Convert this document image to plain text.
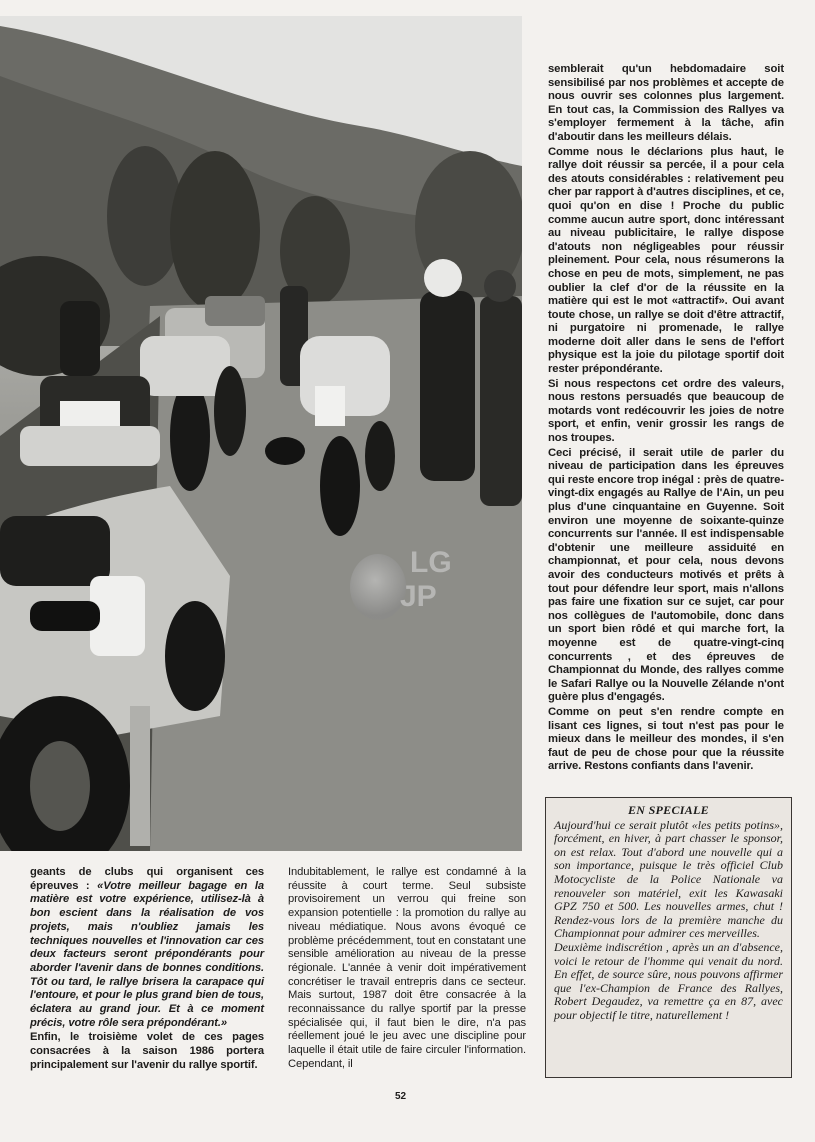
LG
JP

semblerait qu'un hebdomadaire soit sensibilisé par nos problèmes et accepte de nous ouvrir ses colonnes plus largement. En tout cas, la Commission des Rallyes va s'employer fermement à la tâche, afin d'aboutir dans les meilleurs délais.

Comme nous le déclarions plus haut, le rallye doit réussir sa percée, il a pour cela des atouts considérables : relativement peu cher par rapport à d'autres disciplines, et ce, quoi qu'on en dise ! Proche du public comme aucun autre sport, donc intéressant au niveau publicitaire, le rallye dispose d'atouts non négligeables pour réussir pleinement. Pour cela, nous résumerons la chose en peu de mots, simplement, ne pas oublier la clef d'or de la réussite en la matière qui est le mot «attractif». Oui avant toute chose, un rallye se doit d'être attractif, ni purgatoire ni promenade, le rallye moderne doit aller dans le sens de l'effort physique est la joie du pilotage sportif doit rester prépondérante.

Si nous respectons cet ordre des valeurs, nous restons persuadés que beaucoup de motards vont redécouvrir les joies de notre sport, et enfin, venir grossir les rangs de nos troupes.

Ceci précisé, il serait utile de parler du niveau de participation dans les épreuves qui reste encore trop inégal : près de quatre-vingt-dix engagés au Rallye de l'Ain, un peu plus d'une cinquantaine en Guyenne. Soit environ une moyenne de soixante-quinze concurrents sur l'année. Il est indispensable d'obtenir une meilleure assiduité en championnat, et pour cela, nous devons avoir des conducteurs motivés et prêts à tout pour défendre leur sport, mais n'allons pas faire une fixation sur ce sujet, car pour nos collègues de l'automobile, donc dans un sport bien rôdé et qui marche fort, la moyenne est de quatre-vingt-cinq concurrents , et des épreuves de Championnat du Monde, des rallyes comme le Safari Rallye ou la Nouvelle Zélande n'ont guère plus d'engagés.

Comme on peut s'en rendre compte en lisant ces lignes, si tout n'est pas pour le mieux dans le meilleur des mondes, il s'en faut de peu de chose pour que la réussite arrive. Restons confiants dans l'avenir.

EN SPECIALE

Aujourd'hui ce serait plutôt «les petits potins», forcément, en hiver, à part chasser le sponsor, on est relax. Tout d'abord une nouvelle qui a son importance, puisque le très officiel Club Motocycliste de la Police Nationale va renouveler son matériel, exit les Kawasaki GPZ 750 et 500. Les nouvelles armes, chut ! Rendez-vous lors de la première manche du Championnat pour admirer ces merveilles.

Deuxième indiscrétion , après un an d'absence, voici le retour de l'homme qui venait du nord. En effet, de source sûre, nous pouvons affirmer que l'ex-Champion de France des Rallyes, Robert Degaudez, va remettre ça en 87, avec pour objectif le titre, naturellement !

geants de clubs qui organisent ces épreuves : «Votre meilleur bagage en la matière est votre expérience, utilisez-là à bon escient dans la réalisation de vos projets, mais n'oubliez jamais les techniques nouvelles et l'innovation car ces deux facteurs seront prépondérants pour aborder l'avenir dans de bonnes conditions. Tôt ou tard, le rallye brisera la carapace qui l'entoure, et pour le plus grand bien de tous, éclatera au grand jour. Et à ce moment précis, votre rôle sera prépondérant.»

Enfin, le troisième volet de ces pages consacrées à la saison 1986 portera principalement sur l'avenir du rallye sportif.

Indubitablement, le rallye est condamné à la réussite à court terme. Seul subsiste provisoirement un verrou qui freine son expansion potentielle : la promotion du rallye au niveau médiatique. Nous avons évoqué ce problème précédemment, tout en constatant une sensible amélioration au niveau de la presse régionale. L'année à venir doit impérativement concrétiser le travail entrepris dans ce secteur. Mais surtout, 1987 doit être consacrée à la reconnaissance du rallye sportif par la presse spécialisée qui, il faut bien le dire, n'a pas réellement joué le jeu avec une discipline pour laquelle il était utile de faire circuler l'information. Cependant, il

52
